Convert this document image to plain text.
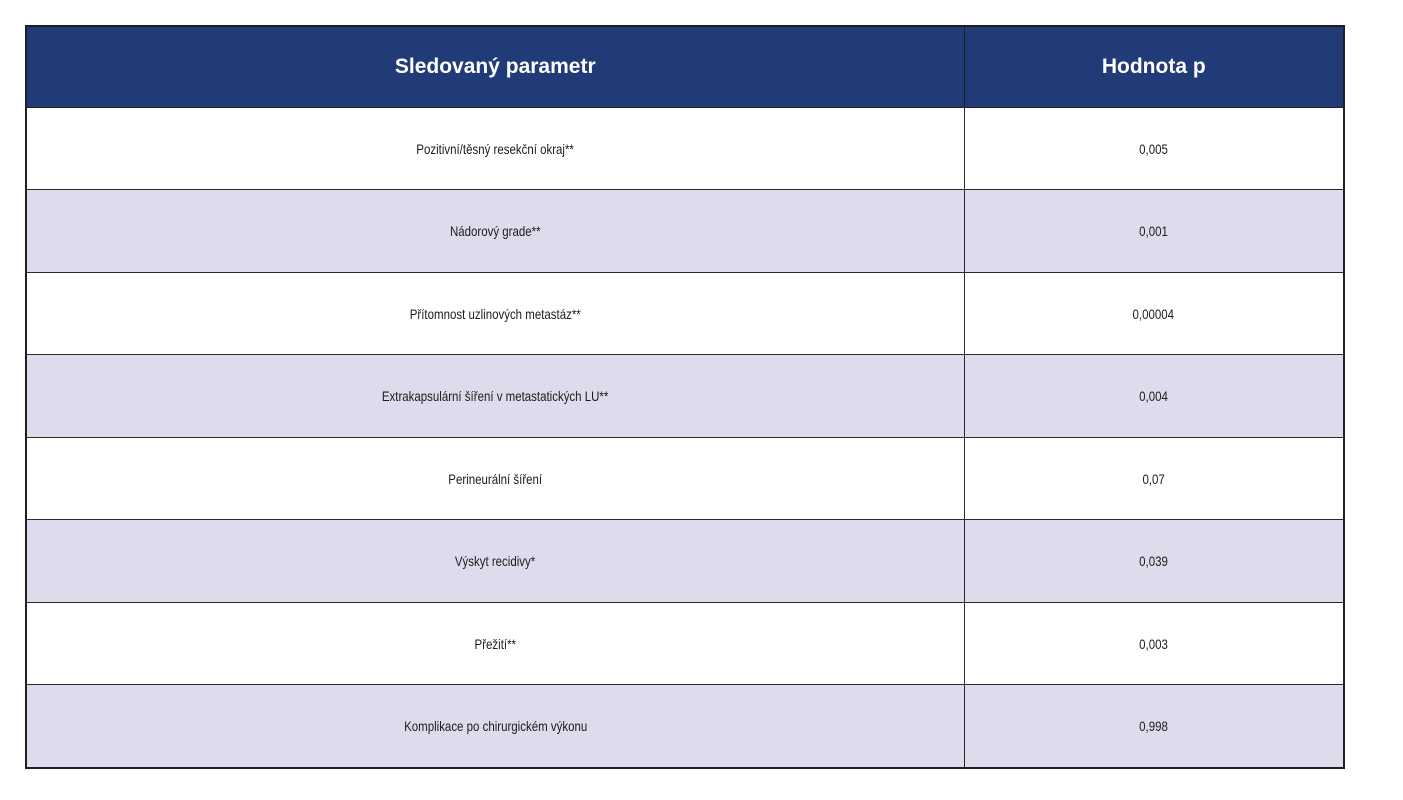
Sledovaný parametr	Hodnota p
Pozitivní/těsný resekční okraj**	0,005
Nádorový grade**	0,001
Přítomnost uzlinových metastáz**	0,00004
Extrakapsulární šíření v metastatických LU**	0,004
Perineurální šíření	0,07
Výskyt recidivy*	0,039
Přežití**	0,003
Komplikace po chirurgickém výkonu	0,998
